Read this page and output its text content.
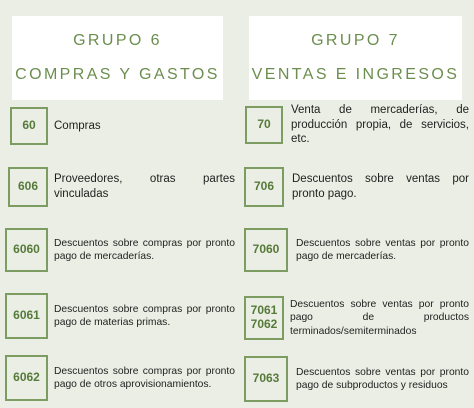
GRUPO 6
COMPRAS Y GASTOS
GRUPO 7
VENTAS E INGRESOS
60 Compras
606
Proveedores, otras partes vinculadas
6060 Descuentos sobre compras por pronto pago de mercaderías.
6061 Descuentos sobre compras por pronto pago de materias primas.
6062 Descuentos sobre compras por pronto pago de otros aprovisionamientos.
70
Venta de mercaderías, de producción propia, de servicios, etc.
706
Descuentos sobre ventas por pronto pago.
7060 Descuentos sobre ventas por pronto pago de mercaderías.
7061
7062
Descuentos sobre ventas por pronto pago de productos terminados/semiterminados
7063 Descuentos sobre ventas por pronto pago de subproductos y residuos
